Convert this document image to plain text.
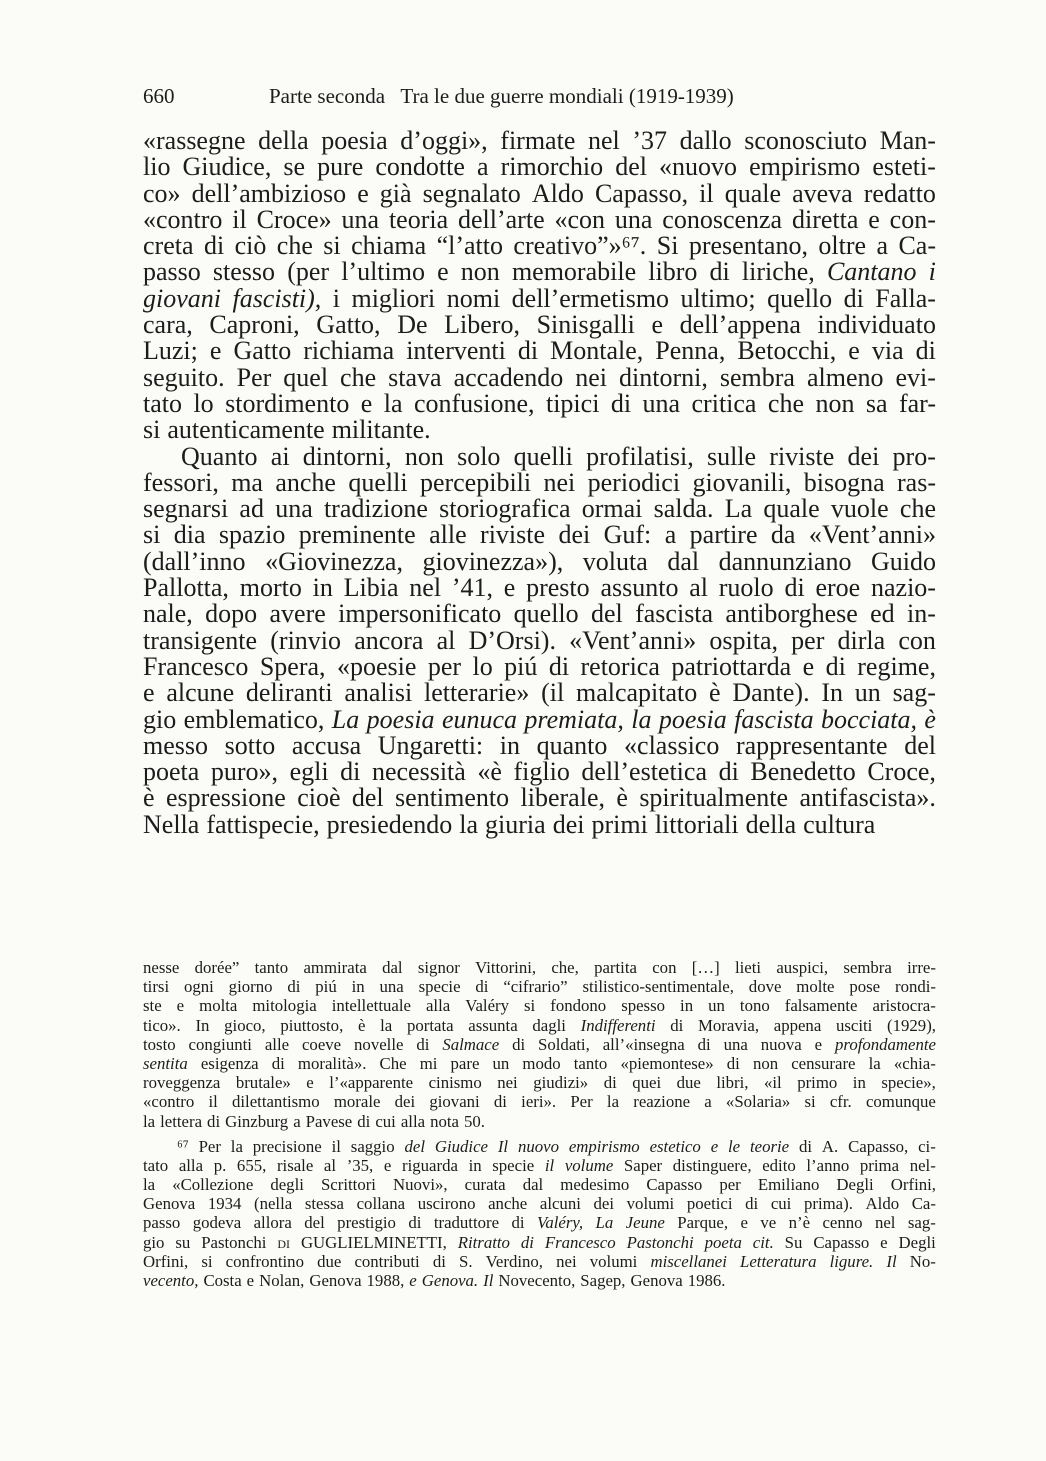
660	Parte seconda   Tra le due guerre mondiali (1919-1939)
«rassegne della poesia d’oggi», firmate nel ’37 dallo sconosciuto Man-
lio Giudice, se pure condotte a rimorchio del «nuovo empirismo esteti-
co» dell’ambizioso e già segnalato Aldo Capasso, il quale aveva redatto
«contro il Croce» una teoria dell’arte «con una conoscenza diretta e con-
creta di ciò che si chiama “l’atto creativo”»⁶⁷. Si presentano, oltre a Ca-
passo stesso (per l’ultimo e non memorabile libro di liriche, Cantano i
giovani fascisti), i migliori nomi dell’ermetismo ultimo; quello di Falla-
cara, Caproni, Gatto, De Libero, Sinisgalli e dell’appena individuato
Luzi; e Gatto richiama interventi di Montale, Penna, Betocchi, e via di
seguito. Per quel che stava accadendo nei dintorni, sembra almeno evi-
tato lo stordimento e la confusione, tipici di una critica che non sa far-
si autenticamente militante.
Quanto ai dintorni, non solo quelli profilatisi, sulle riviste dei pro-
fessori, ma anche quelli percepibili nei periodici giovanili, bisogna ras-
segnarsi ad una tradizione storiografica ormai salda. La quale vuole che
si dia spazio preminente alle riviste dei Guf: a partire da «Vent’anni»
(dall’inno «Giovinezza, giovinezza»), voluta dal dannunziano Guido
Pallotta, morto in Libia nel ’41, e presto assunto al ruolo di eroe nazio-
nale, dopo avere impersonificato quello del fascista antiborghese ed in-
transigente (rinvio ancora al D’Orsi). «Vent’anni» ospita, per dirla con
Francesco Spera, «poesie per lo piú di retorica patriottarda e di regime,
e alcune deliranti analisi letterarie» (il malcapitato è Dante). In un sag-
gio emblematico, La poesia eunuca premiata, la poesia fascista bocciata, è
messo sotto accusa Ungaretti: in quanto «classico rappresentante del
poeta puro», egli di necessità «è figlio dell’estetica di Benedetto Croce,
è espressione cioè del sentimento liberale, è spiritualmente antifascista».
Nella fattispecie, presiedendo la giuria dei primi littoriali della cultura
nesse dorée” tanto ammirata dal signor Vittorini, che, partita con […] lieti auspici, sembra irre-
tirsi ogni giorno di piú in una specie di “cifrario” stilistico-sentimentale, dove molte pose rondi-
ste e molta mitologia intellettuale alla Valéry si fondono spesso in un tono falsamente aristocra-
tico». In gioco, piuttosto, è la portata assunta dagli Indifferenti di Moravia, appena usciti (1929),
tosto congiunti alle coeve novelle di Salmace di Soldati, all’«insegna di una nuova e profondamente
sentita esigenza di moralità». Che mi pare un modo tanto «piemontese» di non censurare la «chia-
roveggenza brutale» e l’«apparente cinismo nei giudizi» di quei due libri, «il primo in specie»,
«contro il dilettantismo morale dei giovani di ieri». Per la reazione a «Solaria» si cfr. comunque
la lettera di Ginzburg a Pavese di cui alla nota 50.
⁶⁷ Per la precisione il saggio del Giudice Il nuovo empirismo estetico e le teorie di A. Capasso, ci-
tato alla p. 655, risale al ’35, e riguarda in specie il volume Saper distinguere, edito l’anno prima nel-
la «Collezione degli Scrittori Nuovi», curata dal medesimo Capasso per Emiliano Degli Orfini,
Genova 1934 (nella stessa collana uscirono anche alcuni dei volumi poetici di cui prima). Aldo Ca-
passo godeva allora del prestigio di traduttore di Valéry, La Jeune Parque, e ve n’è cenno nel sag-
gio su Pastonchi di GUGLIELMINETTI, Ritratto di Francesco Pastonchi poeta cit. Su Capasso e Degli
Orfini, si confrontino due contributi di S. Verdino, nei volumi miscellanei Letteratura ligure. Il No-
vecento, Costa e Nolan, Genova 1988, e Genova. Il Novecento, Sagep, Genova 1986.
